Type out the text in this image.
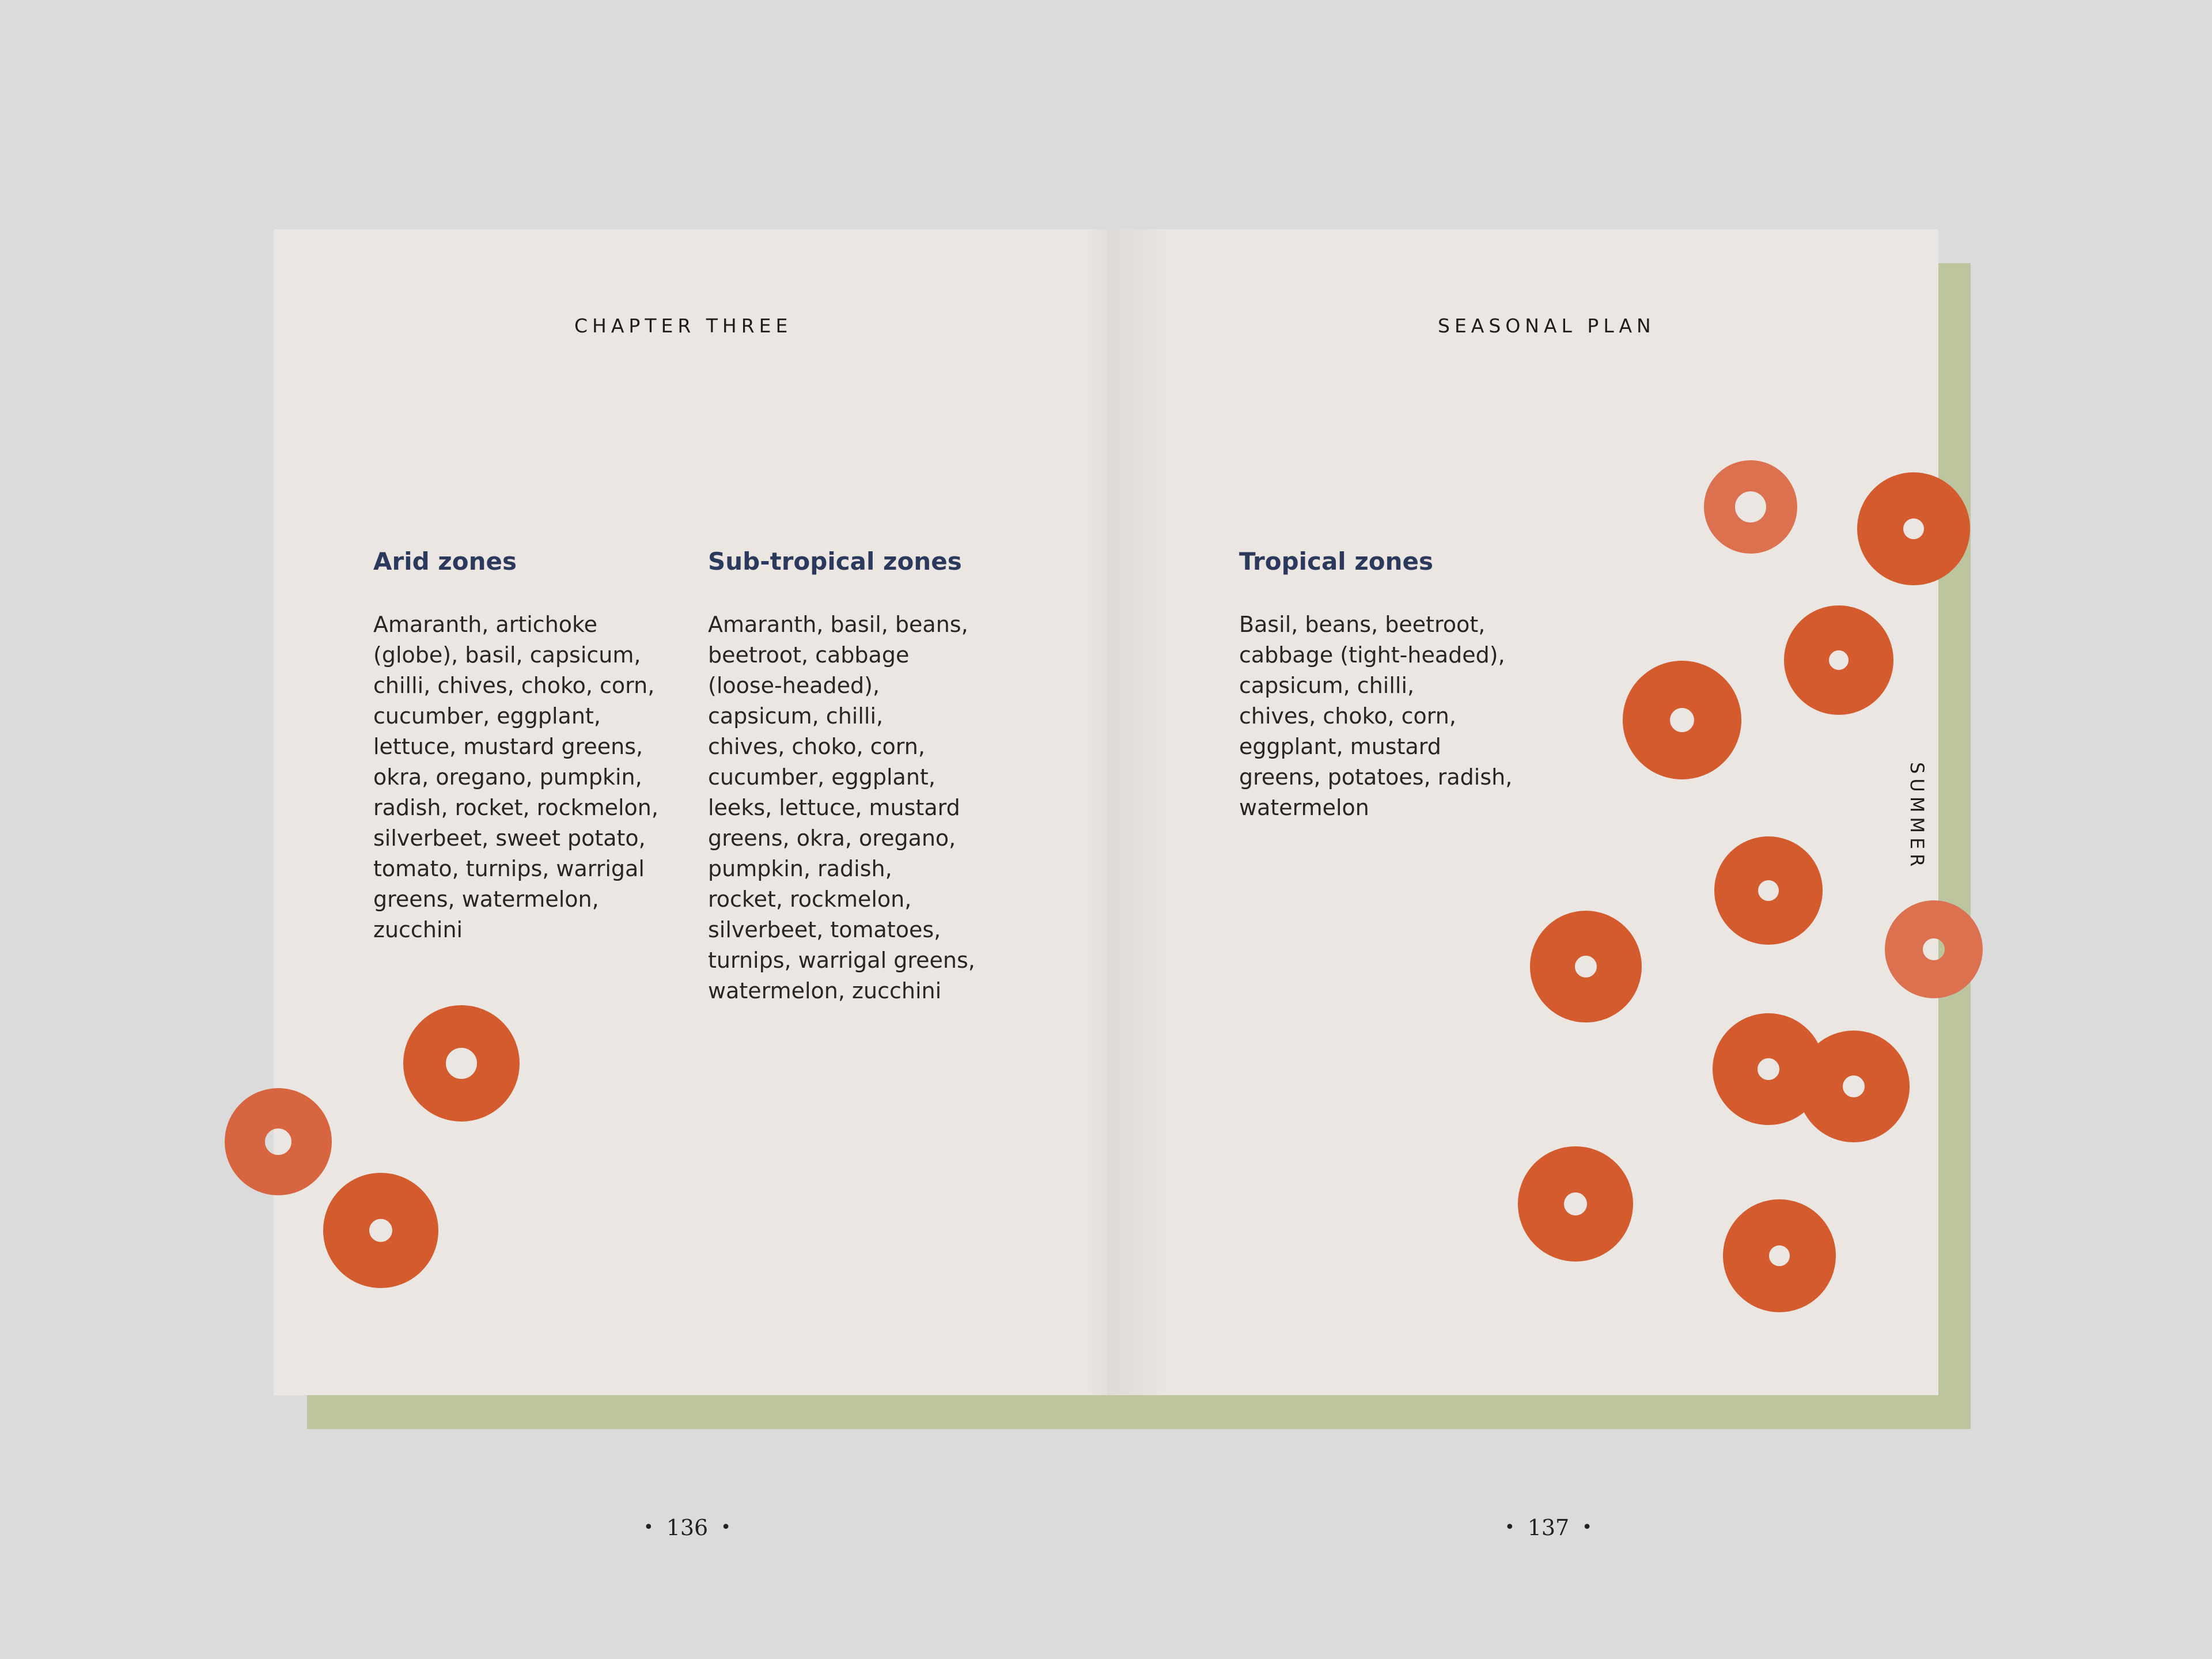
CHAPTER THREE
Arid zones

Amaranth, artichoke
(globe), basil, capsicum,
chilli, chives, choko, corn,
cucumber, eggplant,
lettuce, mustard greens,
okra, oregano, pumpkin,
radish, rocket, rockmelon,
silverbeet, sweet potato,
tomato, turnips, warrigal
greens, watermelon,
zucchini

Sub-tropical zones

Amaranth, basil, beans,
beetroot, cabbage
(loose-headed),
capsicum, chilli,
chives, choko, corn,
cucumber, eggplant,
leeks, lettuce, mustard
greens, okra, oregano,
pumpkin, radish,
rocket, rockmelon,
silverbeet, tomatoes,
turnips, warrigal greens,
watermelon, zucchini

• 136 •
SEASONAL PLAN
Tropical zones

Basil, beans, beetroot,
cabbage (tight-headed),
capsicum, chilli,
chives, choko, corn,
eggplant, mustard
greens, potatoes, radish,
watermelon	SUMMER
• 137 •
